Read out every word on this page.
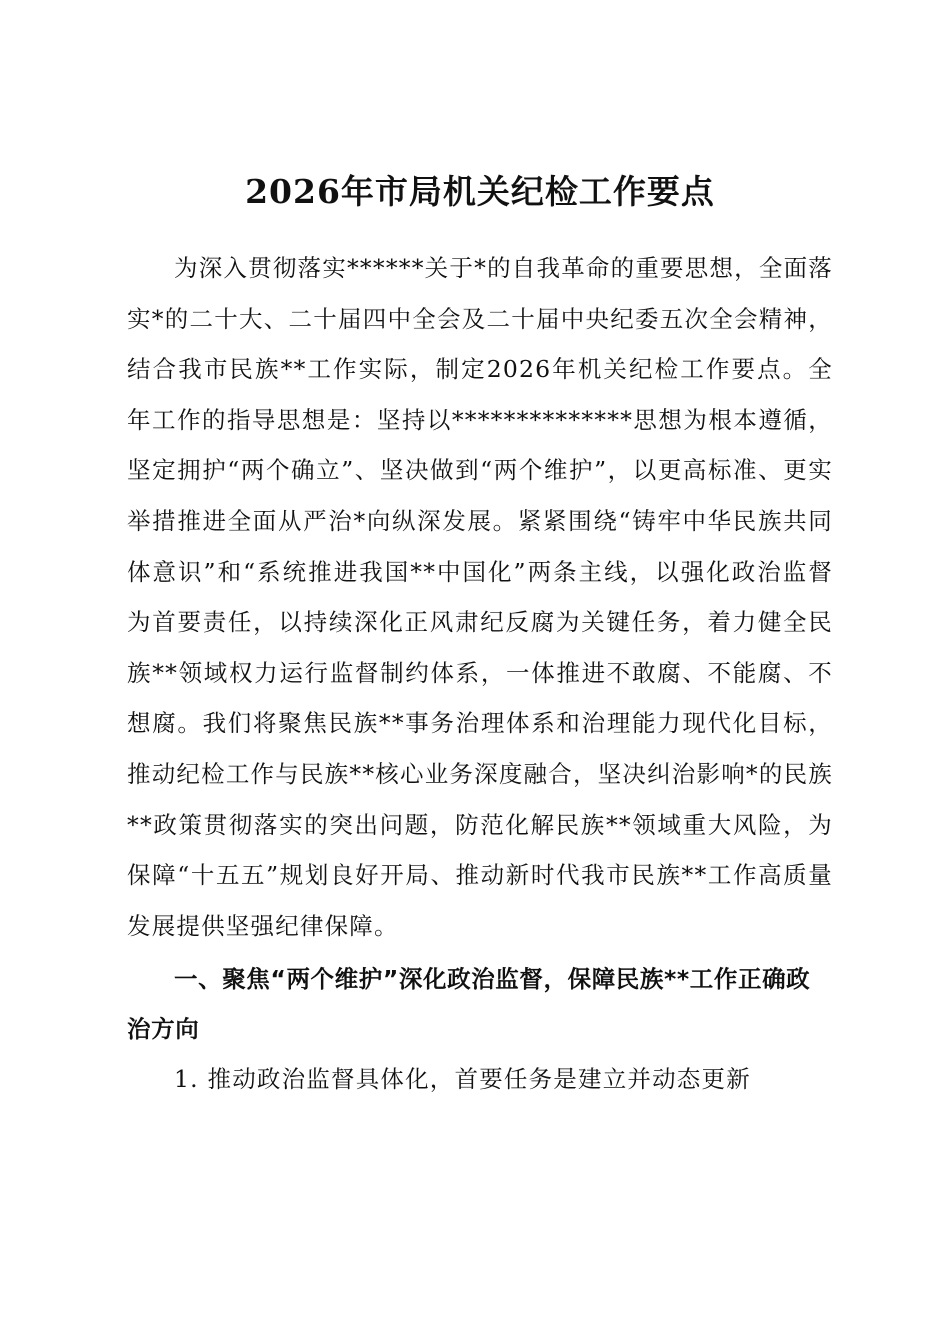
2026年市局机关纪检工作要点

为深入贯彻落实******关于*的自我革命的重要思想，全面落实*的二十大、二十届四中全会及二十届中央纪委五次全会精神，结合我市民族**工作实际，制定2026年机关纪检工作要点。全年工作的指导思想是：坚持以**************思想为根本遵循，坚定拥护“两个确立”、坚决做到“两个维护”，以更高标准、更实举措推进全面从严治*向纵深发展。紧紧围绕“铸牢中华民族共同体意识”和“系统推进我国**中国化”两条主线，以强化政治监督为首要责任，以持续深化正风肃纪反腐为关键任务，着力健全民族**领域权力运行监督制约体系，一体推进不敢腐、不能腐、不想腐。我们将聚焦民族**事务治理体系和治理能力现代化目标，推动纪检工作与民族**核心业务深度融合，坚决纠治影响*的民族**政策贯彻落实的突出问题，防范化解民族**领域重大风险，为保障“十五五”规划良好开局、推动新时代我市民族**工作高质量发展提供坚强纪律保障。

一、聚焦“两个维护”深化政治监督，保障民族**工作正确政治方向

1. 推动政治监督具体化，首要任务是建立并动态更新
